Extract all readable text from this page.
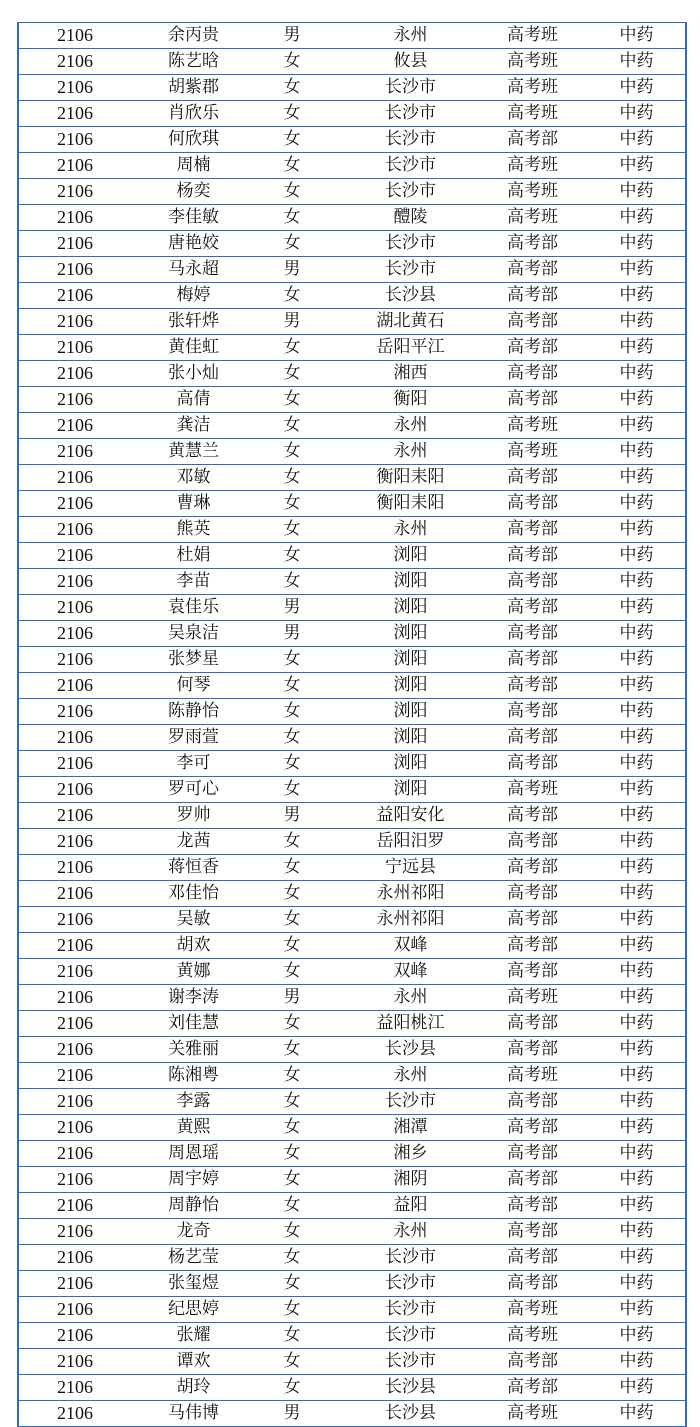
2106	余丙贵	男	永州	高考班	中药
2106	陈艺晗	女	攸县	高考班	中药
2106	胡紫郡	女	长沙市	高考班	中药
2106	肖欣乐	女	长沙市	高考班	中药
2106	何欣琪	女	长沙市	高考部	中药
2106	周楠	女	长沙市	高考班	中药
2106	杨奕	女	长沙市	高考班	中药
2106	李佳敏	女	醴陵	高考班	中药
2106	唐艳姣	女	长沙市	高考部	中药
2106	马永超	男	长沙市	高考部	中药
2106	梅婷	女	长沙县	高考部	中药
2106	张轩烨	男	湖北黄石	高考部	中药
2106	黄佳虹	女	岳阳平江	高考部	中药
2106	张小灿	女	湘西	高考部	中药
2106	高倩	女	衡阳	高考部	中药
2106	龚洁	女	永州	高考班	中药
2106	黄慧兰	女	永州	高考班	中药
2106	邓敏	女	衡阳耒阳	高考部	中药
2106	曹琳	女	衡阳耒阳	高考部	中药
2106	熊英	女	永州	高考部	中药
2106	杜娟	女	浏阳	高考部	中药
2106	李苗	女	浏阳	高考部	中药
2106	袁佳乐	男	浏阳	高考部	中药
2106	吴泉洁	男	浏阳	高考部	中药
2106	张梦星	女	浏阳	高考部	中药
2106	何琴	女	浏阳	高考部	中药
2106	陈静怡	女	浏阳	高考部	中药
2106	罗雨萱	女	浏阳	高考部	中药
2106	李可	女	浏阳	高考部	中药
2106	罗可心	女	浏阳	高考班	中药
2106	罗帅	男	益阳安化	高考部	中药
2106	龙茜	女	岳阳汨罗	高考部	中药
2106	蒋恒香	女	宁远县	高考部	中药
2106	邓佳怡	女	永州祁阳	高考部	中药
2106	吴敏	女	永州祁阳	高考部	中药
2106	胡欢	女	双峰	高考部	中药
2106	黄娜	女	双峰	高考部	中药
2106	谢李涛	男	永州	高考班	中药
2106	刘佳慧	女	益阳桃江	高考部	中药
2106	关雅丽	女	长沙县	高考部	中药
2106	陈湘粤	女	永州	高考班	中药
2106	李露	女	长沙市	高考部	中药
2106	黄熙	女	湘潭	高考部	中药
2106	周恩瑶	女	湘乡	高考部	中药
2106	周宇婷	女	湘阴	高考部	中药
2106	周静怡	女	益阳	高考部	中药
2106	龙奇	女	永州	高考部	中药
2106	杨艺莹	女	长沙市	高考部	中药
2106	张玺煜	女	长沙市	高考部	中药
2106	纪思婷	女	长沙市	高考班	中药
2106	张耀	女	长沙市	高考班	中药
2106	谭欢	女	长沙市	高考部	中药
2106	胡玲	女	长沙县	高考部	中药
2106	马伟博	男	长沙县	高考班	中药
